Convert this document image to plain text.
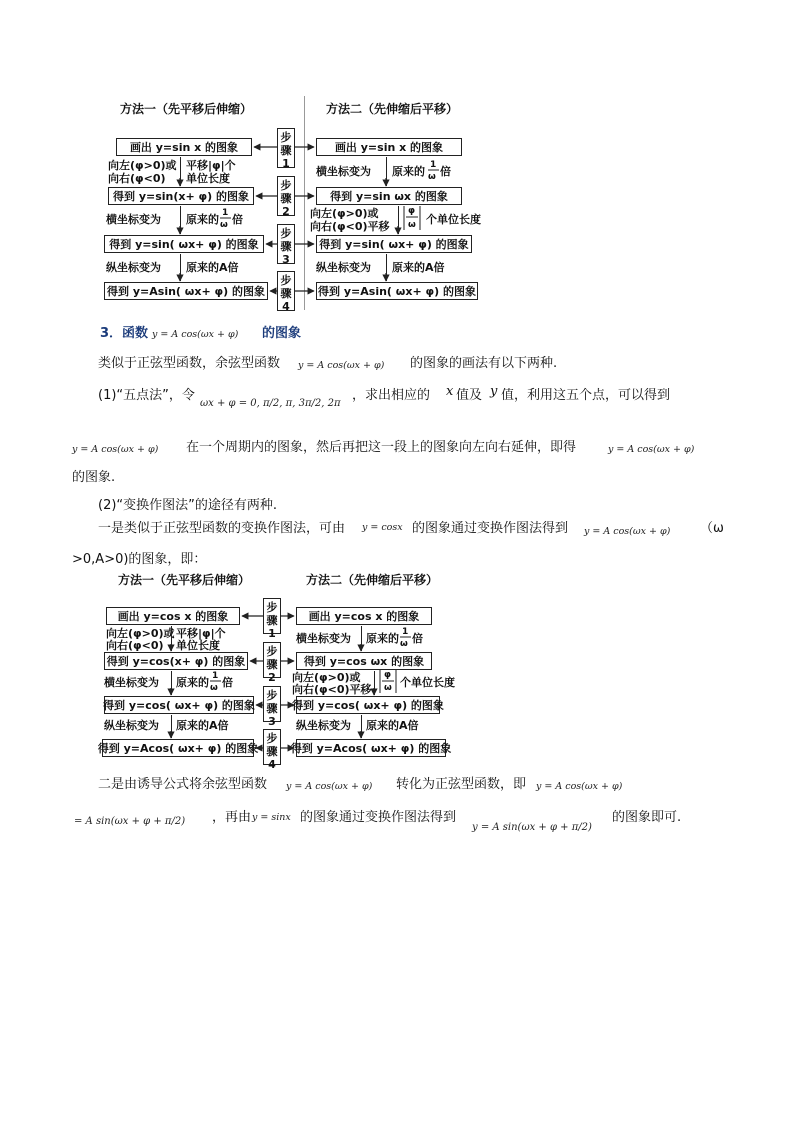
方法一（先平移后伸缩）	方法二（先伸缩后平移）
步骤1
步骤2
步骤3
步骤4
画出 y=sin x 的图象
得到 y=sin(x+ φ) 的图象
得到 y=sin( ωx+ φ) 的图象
得到 y=Asin( ωx+ φ) 的图象
画出 y=sin x 的图象
得到 y=sin ωx 的图象
得到 y=sin( ωx+ φ) 的图象
得到 y=Asin( ωx+ φ) 的图象
向左(φ>0)或
向右(φ<0)
平移|φ|个
单位长度
横坐标变为 原来的 1
ω 倍
纵坐标变为 原来的A倍
横坐标变为 原来的 1
ω 倍
向左(φ>0)或
向右(φ<0)平移
φ
ω 个单位长度
纵坐标变为 原来的A倍
3．函数 y = A cos(ωx + φ) 的图象
类似于正弦型函数，余弦型函数 y = A cos(ωx + φ) 的图象的画法有以下两种.
(1)“五点法”，令
ωx + φ = 0, π/2, π, 3π/2, 2π
，求出相应的 x 值及 y 值，利用这五个点，可以得到
y = A cos(ωx + φ) 在一个周期内的图象，然后再把这一段上的图象向左向右延伸，即得	y = A cos(ωx + φ)
的图象.
(2)“变换作图法”的途径有两种.
一是类似于正弦型函数的变换作图法，可由 y = cosx 的图象通过变换作图法得到 y = A cos(ωx + φ) （ω
>0,A>0)的图象，即：
方法一（先平移后伸缩）	方法二（先伸缩后平移）
步骤1
步骤2
步骤3
步骤4
画出 y=cos x 的图象
得到 y=cos(x+ φ) 的图象
得到 y=cos( ωx+ φ) 的图象
得到 y=Acos( ωx+ φ) 的图象
画出 y=cos x 的图象
得到 y=cos ωx 的图象
得到 y=cos( ωx+ φ) 的图象
得到 y=Acos( ωx+ φ) 的图象
向左(φ>0)或
向右(φ<0)
平移|φ|个
单位长度
横坐标变为 原来的 1
ω 倍
纵坐标变为 原来的A倍
横坐标变为 原来的 1
ω 倍
向左(φ>0)或
向右(φ<0)平移
φ
ω 个单位长度
纵坐标变为 原来的A倍
二是由诱导公式将余弦型函数 y = A cos(ωx + φ) 转化为正弦型函数，即 y = A cos(ωx + φ)
= A sin(ωx + φ + π/2) ，再由 y = sinx 的图象通过变换作图法得到
y = A sin(ωx + φ + π/2)
的图象即可.
